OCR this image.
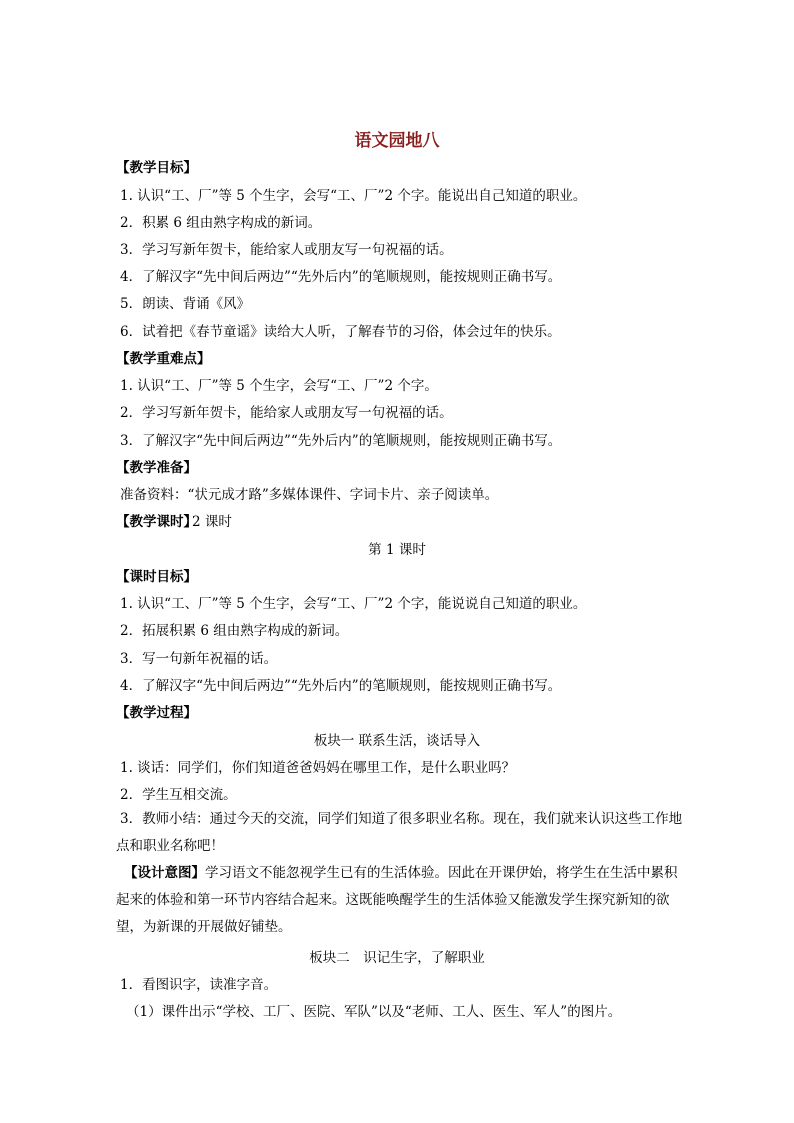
语文园地八
【教学目标】
1. 认识“工、厂”等 5 个生字，会写“工、厂”2 个字。能说出自己知道的职业。
2．积累 6 组由熟字构成的新词。
3．学习写新年贺卡，能给家人或朋友写一句祝福的话。
4．了解汉字“先中间后两边”“先外后内”的笔顺规则，能按规则正确书写。
5．朗读、背诵《风》
6．试着把《春节童谣》读给大人听，了解春节的习俗，体会过年的快乐。
【教学重难点】
1. 认识“工、厂”等 5 个生字，会写“工、厂”2 个字。
2．学习写新年贺卡，能给家人或朋友写一句祝福的话。
3．了解汉字“先中间后两边”“先外后内”的笔顺规则，能按规则正确书写。
【教学准备】
准备资料：“状元成才路”多媒体课件、字词卡片、亲子阅读单。
【教学课时】
2 课时
第 1 课时
【课时目标】
1. 认识“工、厂”等 5 个生字，会写“工、厂”2 个字，能说说自己知道的职业。
2．拓展积累 6 组由熟字构成的新词。
3．写一句新年祝福的话。
4．了解汉字“先中间后两边”“先外后内”的笔顺规则，能按规则正确书写。
【教学过程】
板块一 联系生活，谈话导入
1. 谈话：同学们，你们知道爸爸妈妈在哪里工作，是什么职业吗？
2．学生互相交流。
3．教师小结：通过今天的交流，同学们知道了很多职业名称。现在，我们就来认识这些工作地点和职业名称吧！
【设计意图】学习语文不能忽视学生已有的生活体验。因此在开课伊始，将学生在生活中累积起来的体验和第一环节内容结合起来。这既能唤醒学生的生活体验又能激发学生探究新知的欲望，为新课的开展做好铺垫。
板块二　识记生字，了解职业
1．看图识字，读准字音。
（1）课件出示“学校、工厂、医院、军队”以及“老师、工人、医生、军人”的图片。
